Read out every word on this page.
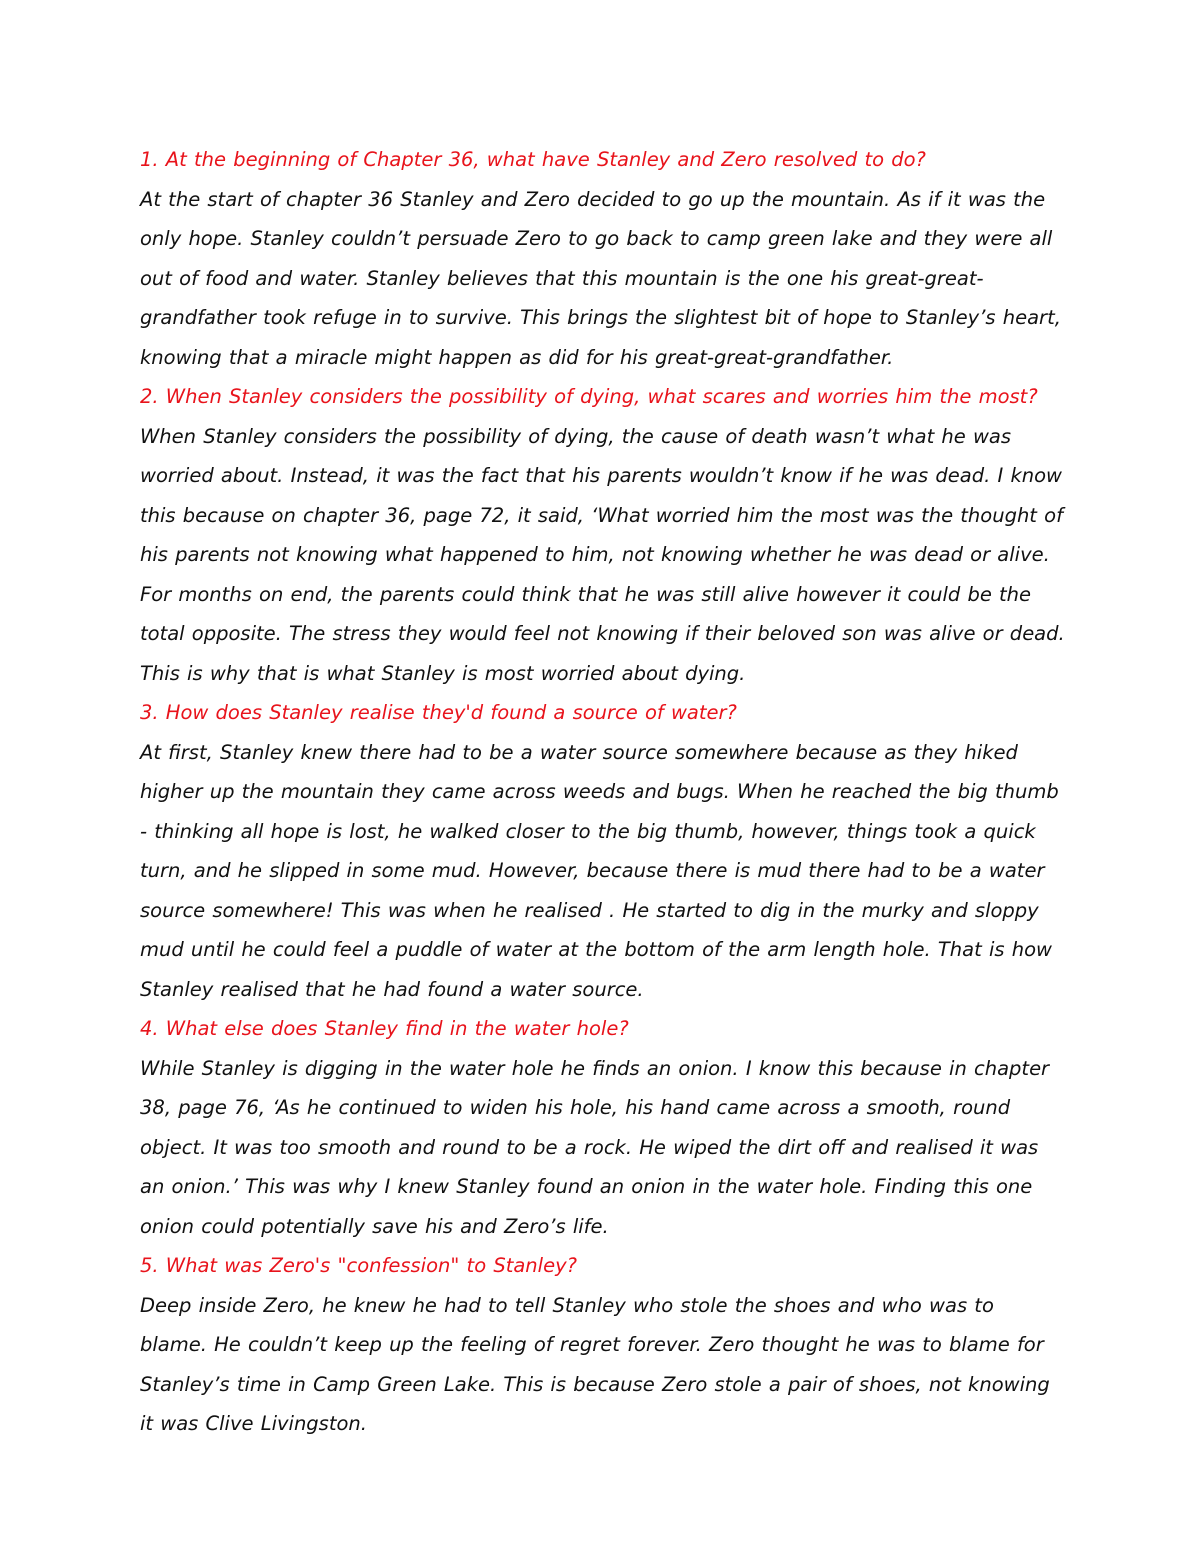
1. At the beginning of Chapter 36, what have Stanley and Zero resolved to do?

At the start of chapter 36 Stanley and Zero decided to go up the mountain. As if it was the only hope. Stanley couldn’t persuade Zero to go back to camp green lake and they were all out of food and water. Stanley believes that this mountain is the one his great-great-grandfather took refuge in to survive. This brings the slightest bit of hope to Stanley’s heart, knowing that a miracle might happen as did for his great-great-grandfather.

2. When Stanley considers the possibility of dying, what scares and worries him the most?

When Stanley considers the possibility of dying, the cause of death wasn’t what he was worried about. Instead, it was the fact that his parents wouldn’t know if he was dead. I know this because on chapter 36, page 72, it said, ‘What worried him the most was the thought of his parents not knowing what happened to him, not knowing whether he was dead or alive. For months on end, the parents could think that he was still alive however it could be the total opposite. The stress they would feel not knowing if their beloved son was alive or dead. This is why that is what Stanley is most worried about dying.

3. How does Stanley realise they'd found a source of water?

At first, Stanley knew there had to be a water source somewhere because as they hiked higher up the mountain they came across weeds and bugs. When he reached the big thumb - thinking all hope is lost, he walked closer to the big thumb, however, things took a quick turn, and he slipped in some mud. However, because there is mud there had to be a water source somewhere! This was when he realised . He started to dig in the murky and sloppy mud until he could feel a puddle of water at the bottom of the arm length hole. That is how Stanley realised that he had found a water source.

4. What else does Stanley find in the water hole?

While Stanley is digging in the water hole he finds an onion. I know this because in chapter 38, page 76, ‘As he continued to widen his hole, his hand came across a smooth, round object. It was too smooth and round to be a rock. He wiped the dirt off and realised it was an onion.’ This was why I knew Stanley found an onion in the water hole. Finding this one onion could potentially save his and Zero’s life.

5. What was Zero's "confession" to Stanley?

Deep inside Zero, he knew he had to tell Stanley who stole the shoes and who was to blame. He couldn’t keep up the feeling of regret forever. Zero thought he was to blame for Stanley’s time in Camp Green Lake. This is because Zero stole a pair of shoes, not knowing it was Clive Livingston.
